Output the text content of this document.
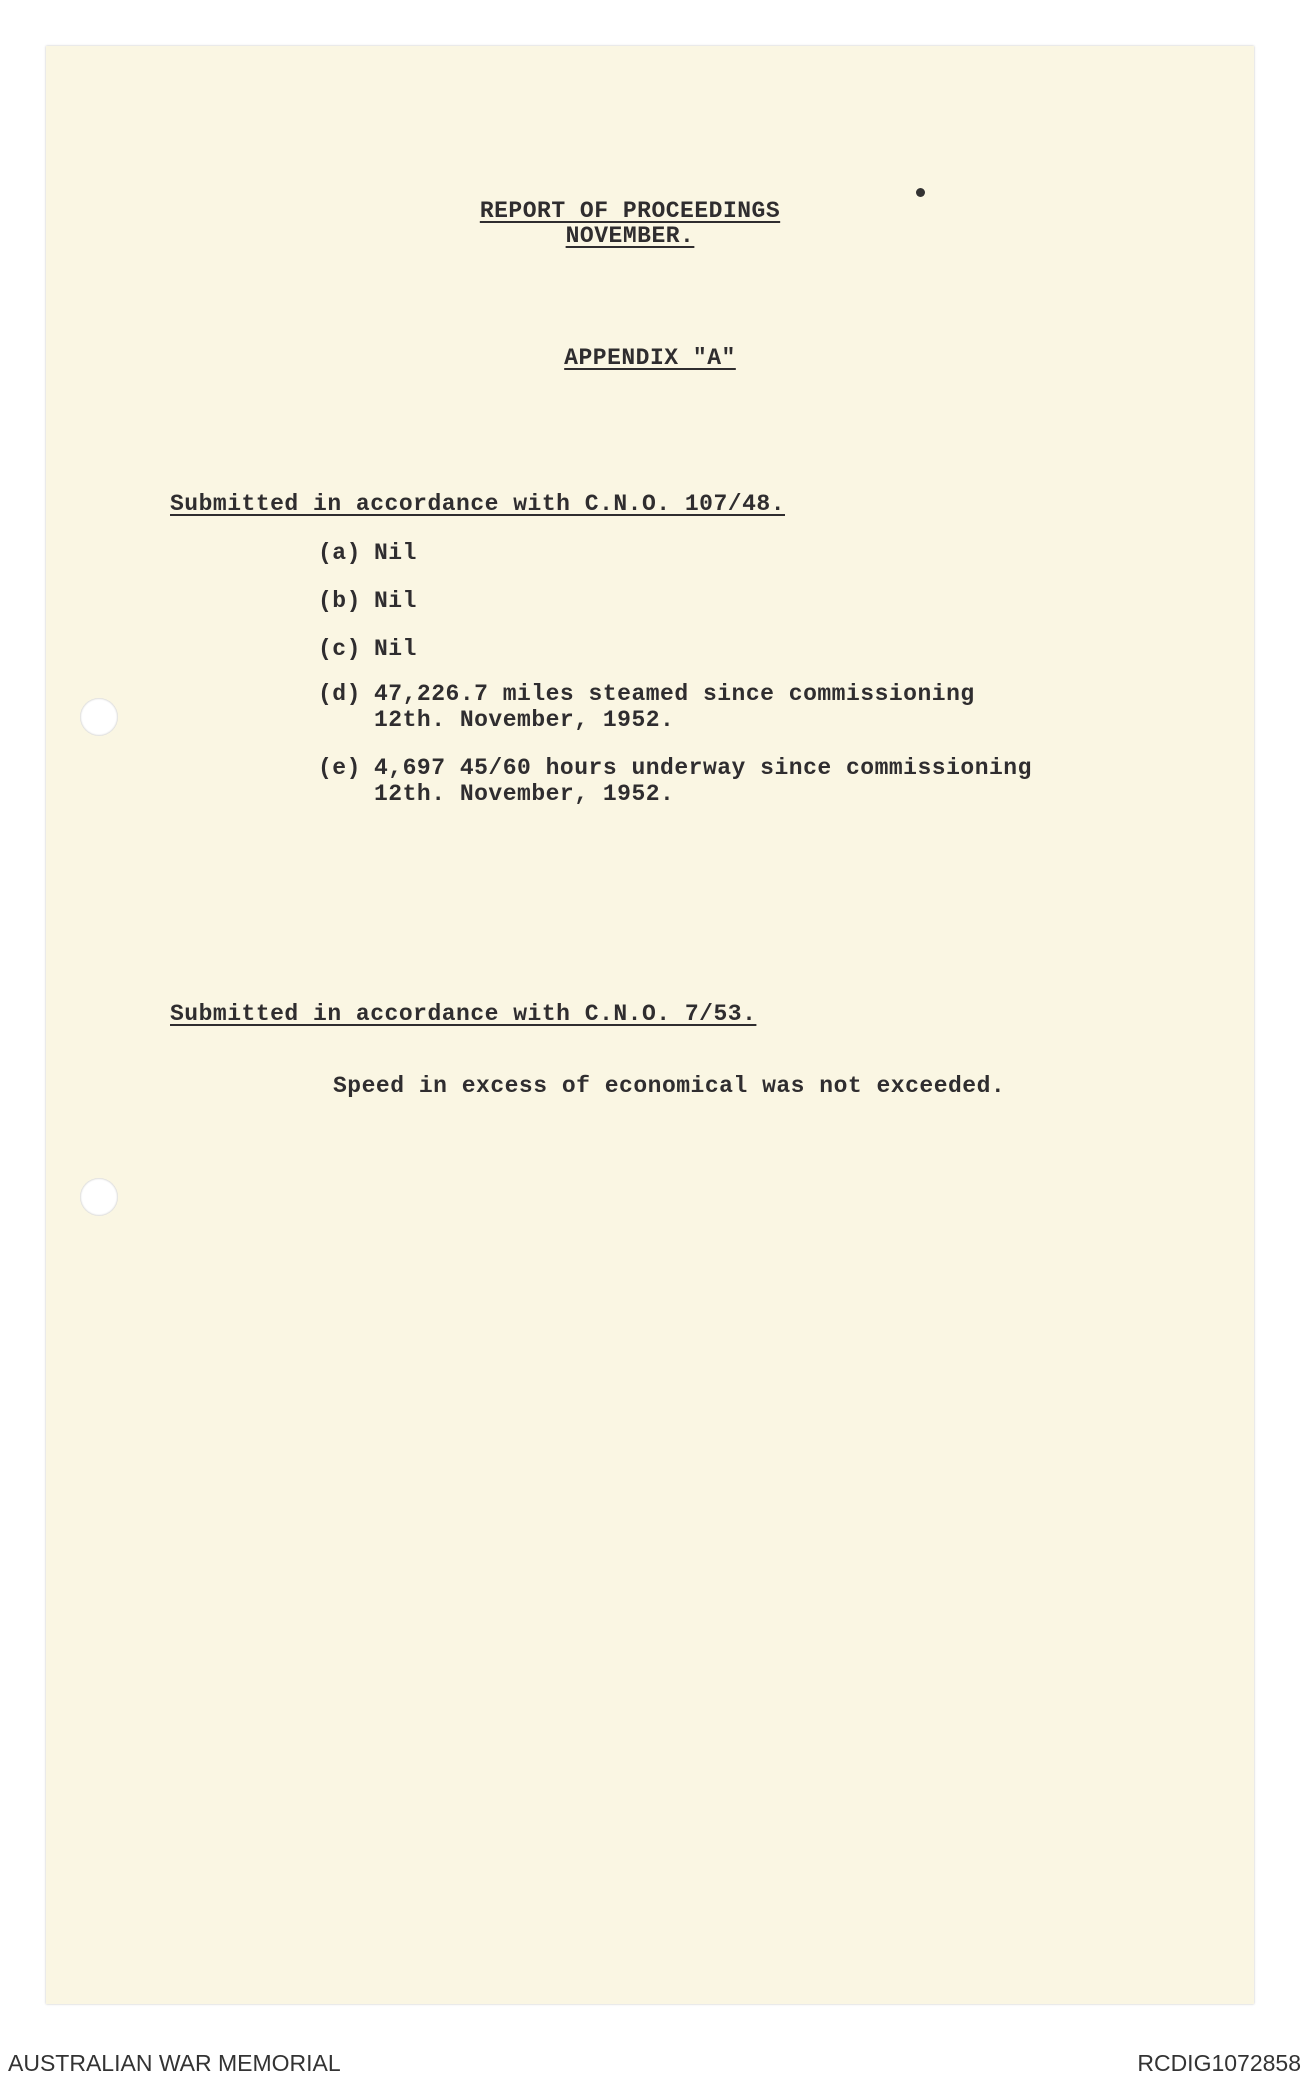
REPORT OF PROCEEDINGS

NOVEMBER.

APPENDIX "A"

Submitted in accordance with C.N.O. 107/48.

(a) Nil

(b) Nil

(c) Nil

(d) 47,226.7 miles steamed since commissioning

12th. November, 1952.

(e) 4,697 45/60 hours underway since commissioning

12th. November, 1952.

Submitted in accordance with C.N.O. 7/53.

Speed in excess of economical was not exceeded.

AUSTRALIAN WAR MEMORIAL	RCDIG1072858
